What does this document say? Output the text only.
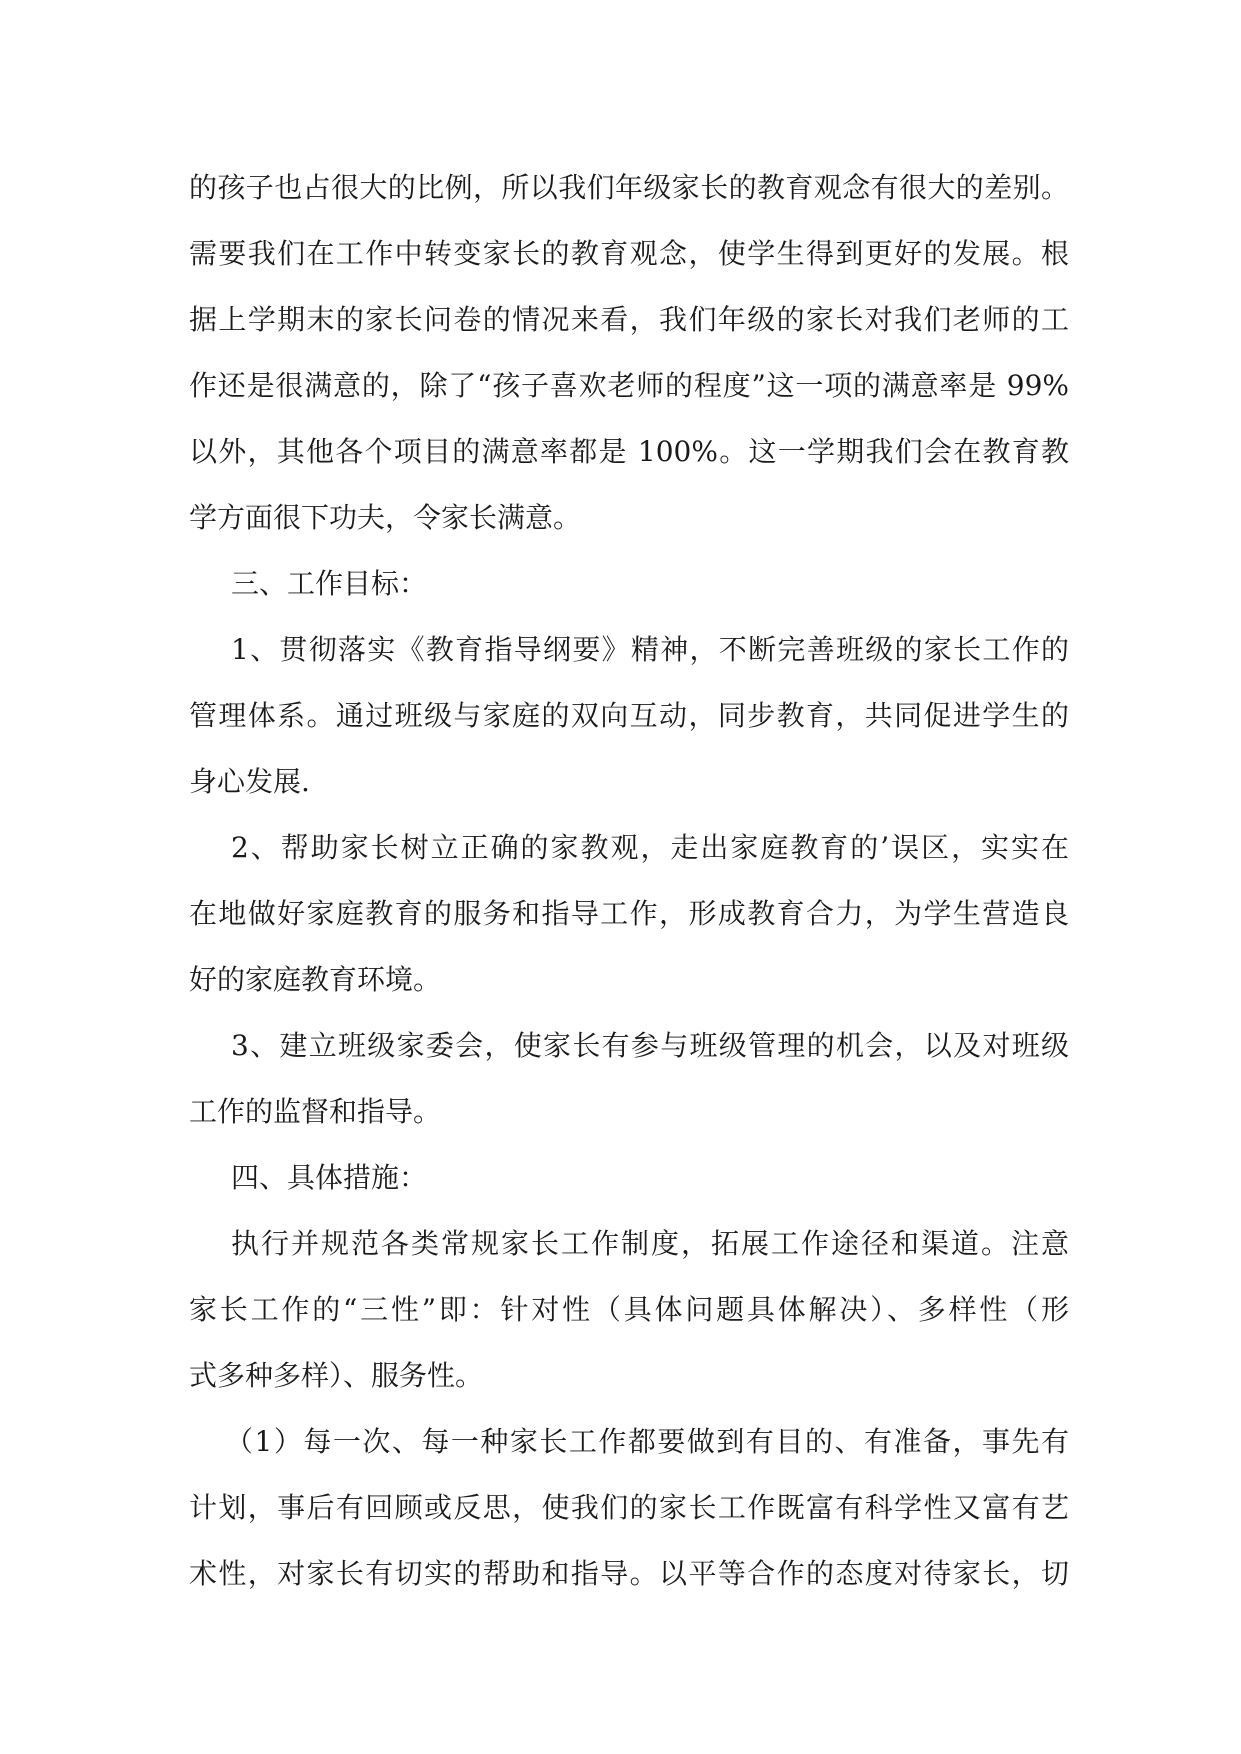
的孩子也占很大的比例，所以我们年级家长的教育观念有很大的差别。
需要我们在工作中转变家长的教育观念，使学生得到更好的发展。根
据上学期末的家长问卷的情况来看，我们年级的家长对我们老师的工
作还是很满意的，除了“孩子喜欢老师的程度”这一项的满意率是 99%
以外，其他各个项目的满意率都是 100%。这一学期我们会在教育教
学方面很下功夫，令家长满意。
三、工作目标：
1、贯彻落实《教育指导纲要》精神，不断完善班级的家长工作的
管理体系。通过班级与家庭的双向互动，同步教育，共同促进学生的
身心发展.
2、帮助家长树立正确的家教观，走出家庭教育的’误区，实实在
在地做好家庭教育的服务和指导工作，形成教育合力，为学生营造良
好的家庭教育环境。
3、建立班级家委会，使家长有参与班级管理的机会，以及对班级
工作的监督和指导。
四、具体措施：
执行并规范各类常规家长工作制度，拓展工作途径和渠道。注意
家长工作的“三性”即：针对性（具体问题具体解决）、多样性（形
式多种多样）、服务性。
（1）每一次、每一种家长工作都要做到有目的、有准备，事先有
计划，事后有回顾或反思，使我们的家长工作既富有科学性又富有艺
术性，对家长有切实的帮助和指导。以平等合作的态度对待家长，切
